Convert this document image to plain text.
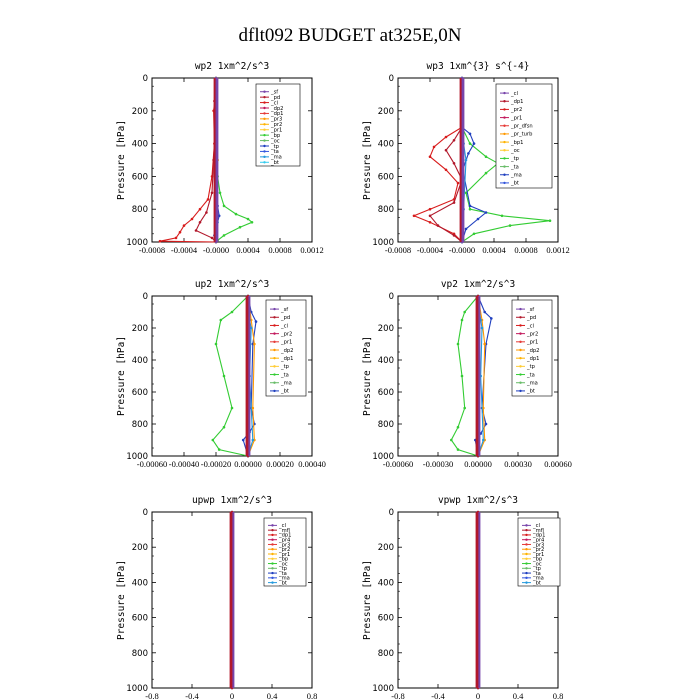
dflt092 BUDGET at325E,0N
wp2 1xm^2/s^3
Pressure [hPa]
0
200
400
600
800
1000
-0.0008 -0.0004 -0.0000 0.0004 0.0008 0.0012
_sf
_pd
_cl
_dp2
_dp1
_pr3
_pr2
_pr1
_bp
_oc
_tp
_ta
_ma
_bt
wp3 1xm^{3} s^{-4}
Pressure [hPa]
0
200
400
600
800
1000
-0.0008 -0.0004 -0.0000 0.0004 0.0008 0.0012
_cl
_dp1
_pr2
_pr1
_pr_dfsn
_pr_turb
_bp1
_oc
_tp
_ta
_ma
_bt
up2 1xm^2/s^3
Pressure [hPa]
0
200
400
600
800
1000
-0.00060 -0.00040 -0.00020 0.00000 0.00020 0.00040
_sf
_pd
_cl
_pr2
_pr1
_dp2
_dp1
_tp
_ta
_ma
_bt
vp2 1xm^2/s^3
Pressure [hPa]
0
200
400
600
800
1000
-0.00060 -0.00030 0.00000 0.00030 0.00060
_sf
_pd
_cl
_pr2
_pr1
_dp2
_dp1
_tp
_ta
_ma
_bt
upwp 1xm^2/s^3
Pressure [hPa]
0
200
400
600
800
1000
-0.8	-0.4	0	0.4	0.8
_cl
_mfl
_dp1
_pr4
_pr3
_pr2
_pr1
_bp
_oc
_tp
_ta
_ma
_bt
vpwp 1xm^2/s^3
Pressure [hPa]
0
200
400
600
800
1000
-0.8	-0.4	0	0.4	0.8
_cl
_mfl
_dp1
_pr4
_pr3
_pr2
_pr1
_bp
_oc
_tp
_ta
_ma
_bt
